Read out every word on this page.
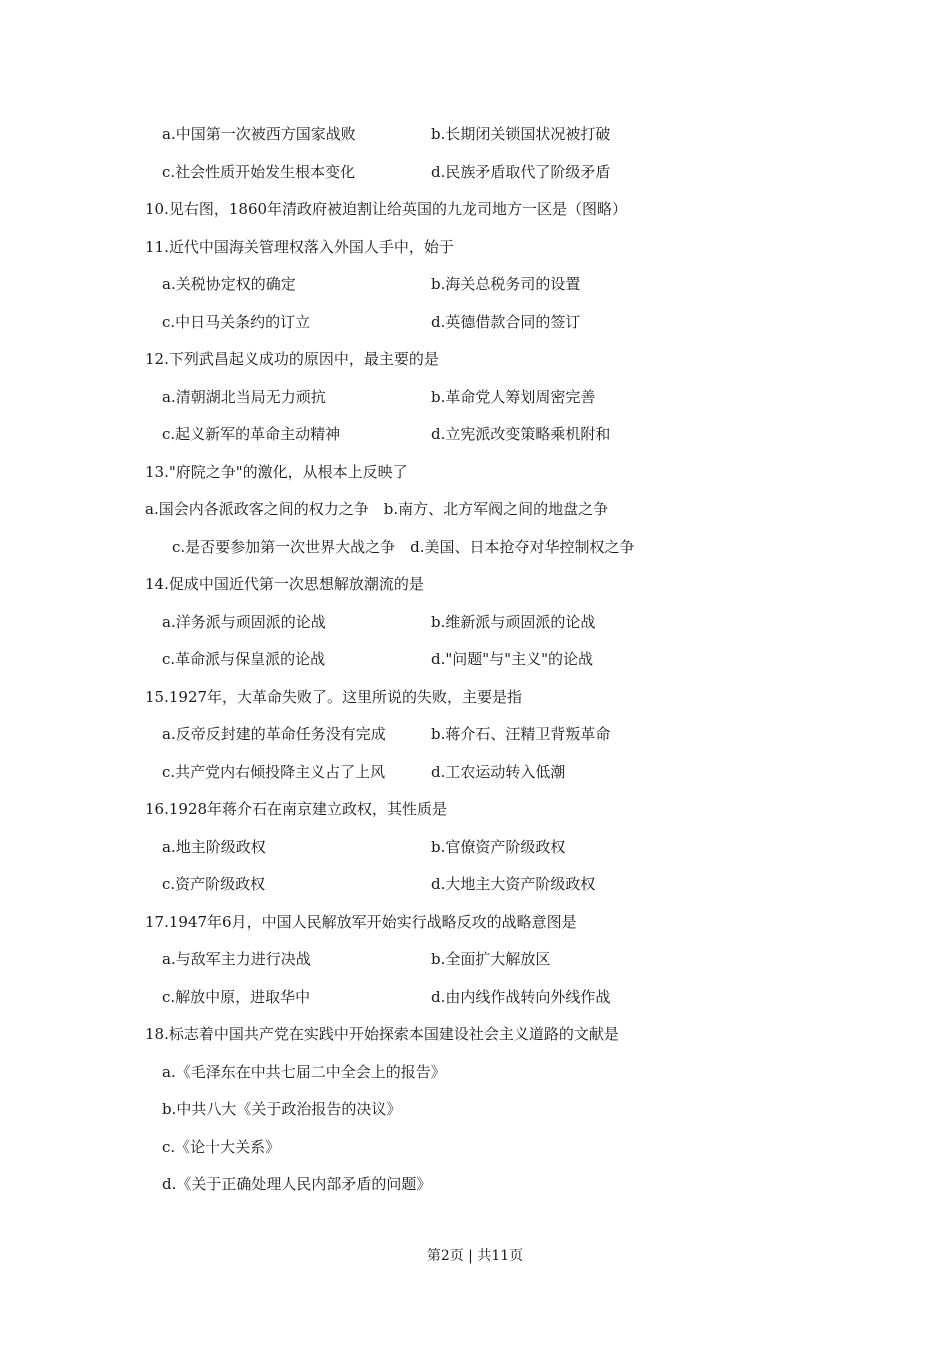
a.中国第一次被西方国家战败	b.长期闭关锁国状况被打破
c.社会性质开始发生根本变化	d.民族矛盾取代了阶级矛盾
10.见右图，1860年清政府被迫割让给英国的九龙司地方一区是（图略）
11.近代中国海关管理权落入外国人手中，始于
a.关税协定权的确定	b.海关总税务司的设置
c.中日马关条约的订立	d.英德借款合同的签订
12.下列武昌起义成功的原因中，最主要的是
a.清朝湖北当局无力顽抗	b.革命党人筹划周密完善
c.起义新军的革命主动精神	d.立宪派改变策略乘机附和
13."府院之争"的激化，从根本上反映了
a.国会内各派政客之间的权力之争　b.南方、北方军阀之间的地盘之争
c.是否要参加第一次世界大战之争　d.美国、日本抢夺对华控制权之争
14.促成中国近代第一次思想解放潮流的是
a.洋务派与顽固派的论战	b.维新派与顽固派的论战
c.革命派与保皇派的论战	d."问题"与"主义"的论战
15.1927年，大革命失败了。这里所说的失败，主要是指
a.反帝反封建的革命任务没有完成	b.蒋介石、汪精卫背叛革命
c.共产党内右倾投降主义占了上风	d.工农运动转入低潮
16.1928年蒋介石在南京建立政权，其性质是
a.地主阶级政权	b.官僚资产阶级政权
c.资产阶级政权	d.大地主大资产阶级政权
17.1947年6月，中国人民解放军开始实行战略反攻的战略意图是
a.与敌军主力进行决战	b.全面扩大解放区
c.解放中原，进取华中	d.由内线作战转向外线作战
18.标志着中国共产党在实践中开始探索本国建设社会主义道路的文献是
a.《毛泽东在中共七届二中全会上的报告》
b.中共八大《关于政治报告的决议》
c.《论十大关系》
d.《关于正确处理人民内部矛盾的问题》
第2页 | 共11页
